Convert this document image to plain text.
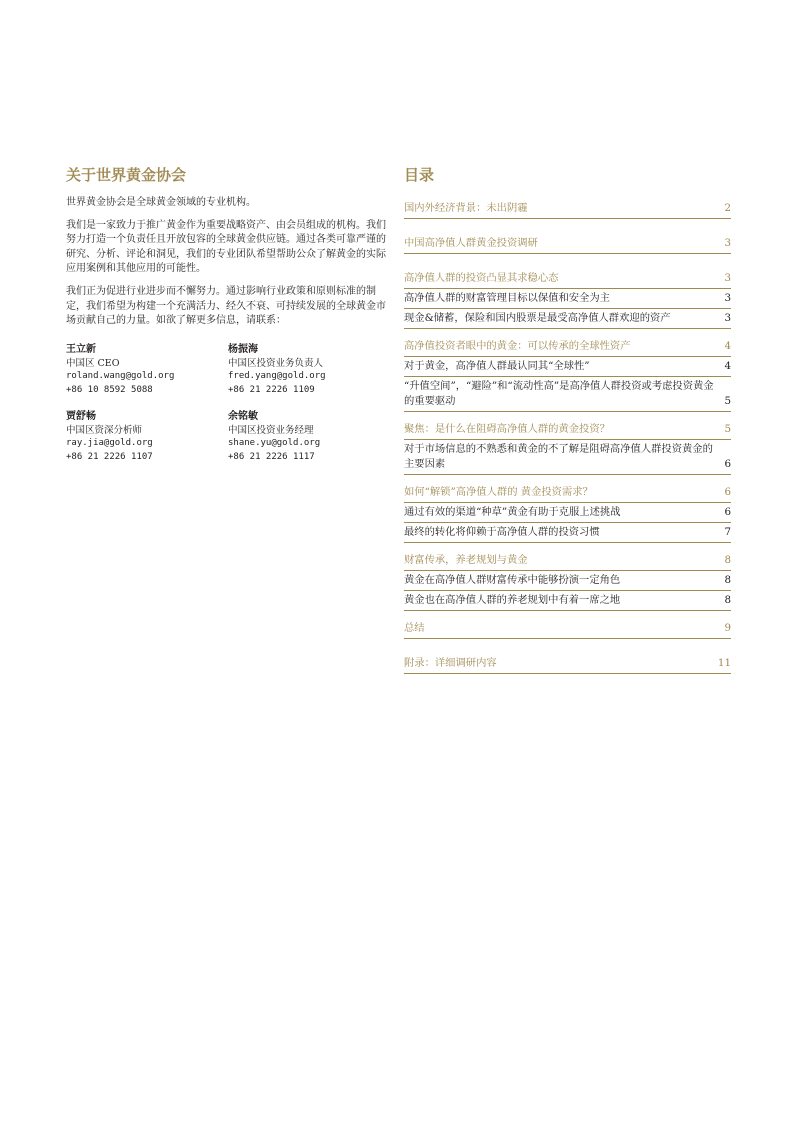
关于世界黄金协会

世界黄金协会是全球黄金领域的专业机构。

我们是一家致力于推广黄金作为重要战略资产、由会员组成的机构。我们努力打造一个负责任且开放包容的全球黄金供应链。通过各类可靠严谨的研究、分析、评论和洞见，我们的专业团队希望帮助公众了解黄金的实际应用案例和其他应用的可能性。

我们正为促进行业进步而不懈努力。通过影响行业政策和原则标准的制定，我们希望为构建一个充满活力、经久不衰、可持续发展的全球黄金市场贡献自己的力量。如欲了解更多信息，请联系：

王立新
中国区 CEO
roland.wang@gold.org
+86 10 8592 5088
杨振海
中国区投资业务负责人
fred.yang@gold.org
+86 21 2226 1109
贾舒畅
中国区资深分析师
ray.jia@gold.org
+86 21 2226 1107
余铭敏
中国区投资业务经理
shane.yu@gold.org
+86 21 2226 1117
目录
国内外经济背景：未出阴霾	2
中国高净值人群黄金投资调研	3
高净值人群的投资凸显其求稳心态	3
高净值人群的财富管理目标以保值和安全为主	3
现金&储蓄，保险和国内股票是最受高净值人群欢迎的资产	3
高净值投资者眼中的黄金：可以传承的全球性资产	4
对于黄金，高净值人群最认同其“全球性”	4
“升值空间”，“避险”和“流动性高”是高净值人群投资或考虑投资黄金的重要驱动	5
聚焦：是什么在阻碍高净值人群的黄金投资？	5
对于市场信息的不熟悉和黄金的不了解是阻碍高净值人群投资黄金的主要因素	6
如何“解锁”高净值人群的 黄金投资需求？	6
通过有效的渠道“种草”黄金有助于克服上述挑战	6
最终的转化将仰赖于高净值人群的投资习惯	7
财富传承，养老规划与黄金	8
黄金在高净值人群财富传承中能够扮演一定角色	8
黄金也在高净值人群的养老规划中有着一席之地	8
总结	9
附录：详细调研内容	11
